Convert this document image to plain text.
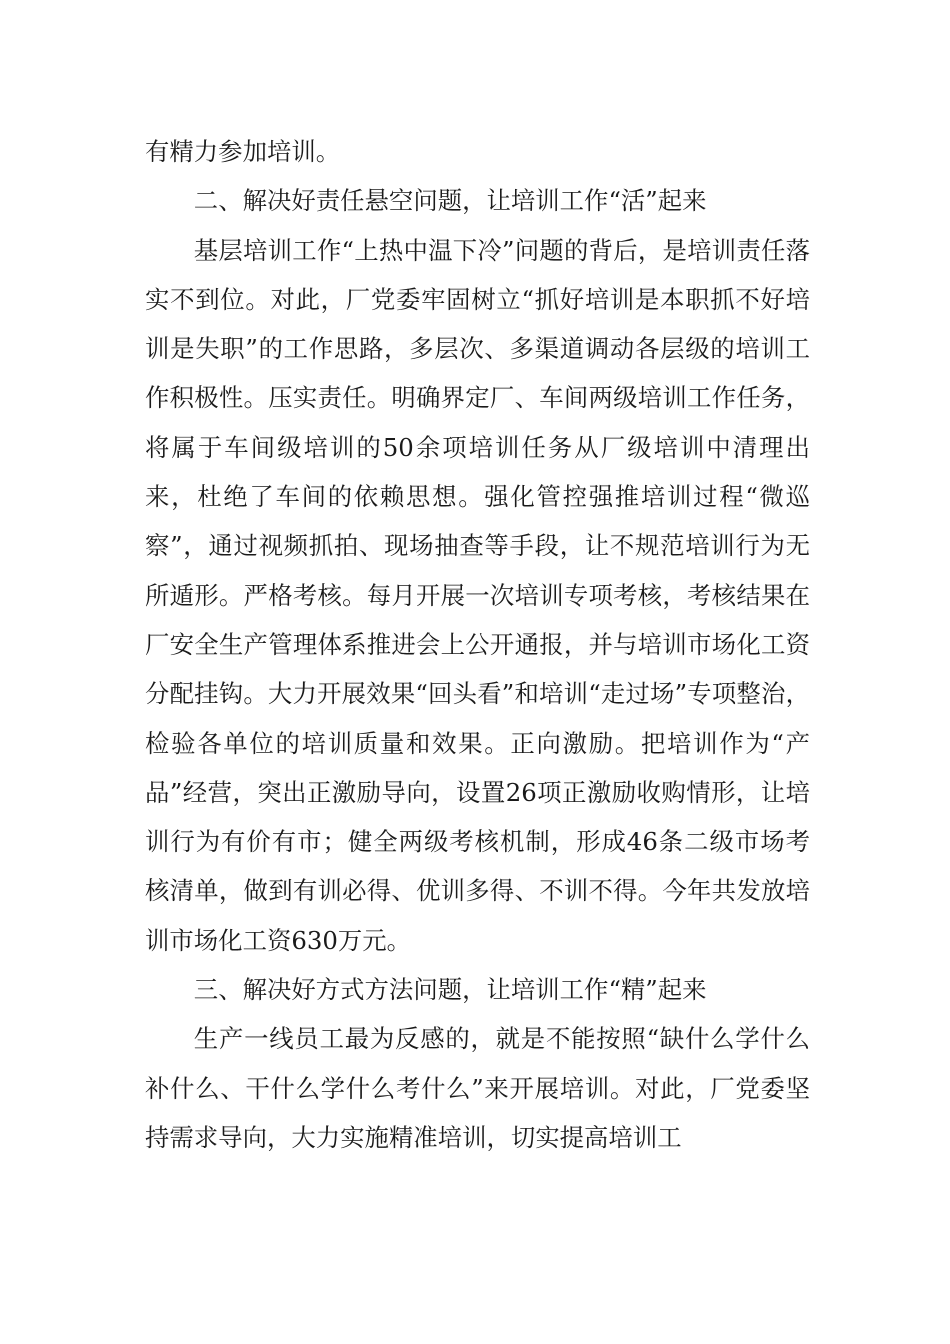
有精力参加培训。

二、解决好责任悬空问题，让培训工作“活”起来

基层培训工作“上热中温下冷”问题的背后，是培训责任落实不到位。对此，厂党委牢固树立“抓好培训是本职抓不好培训是失职”的工作思路，多层次、多渠道调动各层级的培训工作积极性。压实责任。明确界定厂、车间两级培训工作任务，将属于车间级培训的50余项培训任务从厂级培训中清理出来，杜绝了车间的依赖思想。强化管控强推培训过程“微巡察”，通过视频抓拍、现场抽查等手段，让不规范培训行为无所遁形。严格考核。每月开展一次培训专项考核，考核结果在厂安全生产管理体系推进会上公开通报，并与培训市场化工资分配挂钩。大力开展效果“回头看”和培训“走过场”专项整治，检验各单位的培训质量和效果。正向激励。把培训作为“产品”经营，突出正激励导向，设置26项正激励收购情形，让培训行为有价有市；健全两级考核机制，形成46条二级市场考核清单，做到有训必得、优训多得、不训不得。今年共发放培训市场化工资630万元。

三、解决好方式方法问题，让培训工作“精”起来

生产一线员工最为反感的，就是不能按照“缺什么学什么补什么、干什么学什么考什么”来开展培训。对此，厂党委坚持需求导向，大力实施精准培训，切实提高培训工
